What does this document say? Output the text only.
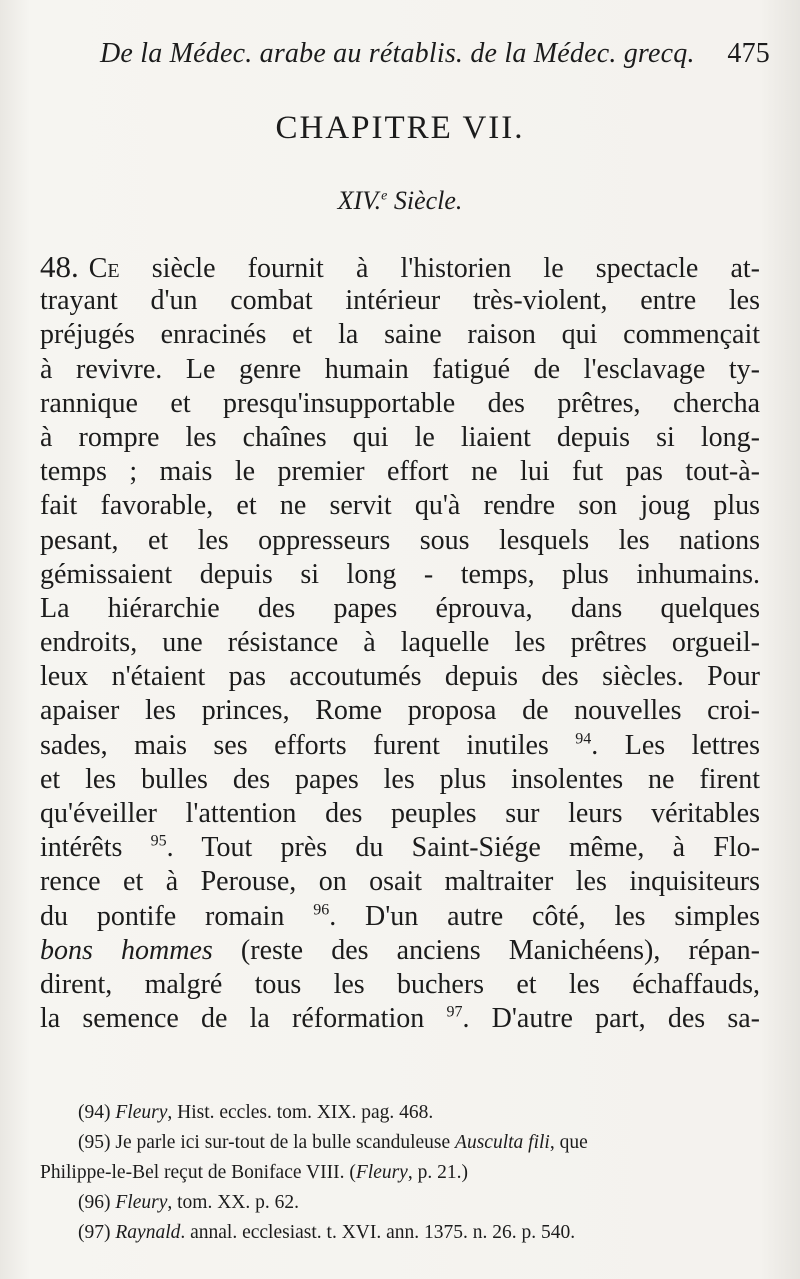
De la Médec. arabe au rétablis. de la Médec. grecq. 475
CHAPITRE VII.
XIV.$^e$ Siècle.
48. Ce siècle fournit à l'historien le spectacle at-
trayant d'un combat intérieur très-violent, entre les
préjugés enracinés et la saine raison qui commençait
à revivre. Le genre humain fatigué de l'esclavage ty-
rannique et presqu'insupportable des prêtres, chercha
à rompre les chaînes qui le liaient depuis si long-
temps ; mais le premier effort ne lui fut pas tout-à-
fait favorable, et ne servit qu'à rendre son joug plus
pesant, et les oppresseurs sous lesquels les nations
gémissaient depuis si long - temps, plus inhumains.
La hiérarchie des papes éprouva, dans quelques
endroits, une résistance à laquelle les prêtres orgueil-
leux n'étaient pas accoutumés depuis des siècles. Pour
apaiser les princes, Rome proposa de nouvelles croi-
sades, mais ses efforts furent inutiles $^{94}$. Les lettres
et les bulles des papes les plus insolentes ne firent
qu'éveiller l'attention des peuples sur leurs véritables
intérêts $^{95}$. Tout près du Saint-Siége même, à Flo-
rence et à Perouse, on osait maltraiter les inquisiteurs
du pontife romain $^{96}$. D'un autre côté, les simples
bons hommes (reste des anciens Manichéens), répan-
dirent, malgré tous les buchers et les échaffauds,
la semence de la réformation $^{97}$. D'autre part, des sa-
(94) Fleury, Hist. eccles. tom. XIX. pag. 468.
(95) Je parle ici sur-tout de la bulle scanduleuse Ausculta fili, que
Philippe-le-Bel reçut de Boniface VIII. (Fleury, p. 21.)
(96) Fleury, tom. XX. p. 62.
(97) Raynald. annal. ecclesiast. t. XVI. ann. 1375. n. 26. p. 540.
